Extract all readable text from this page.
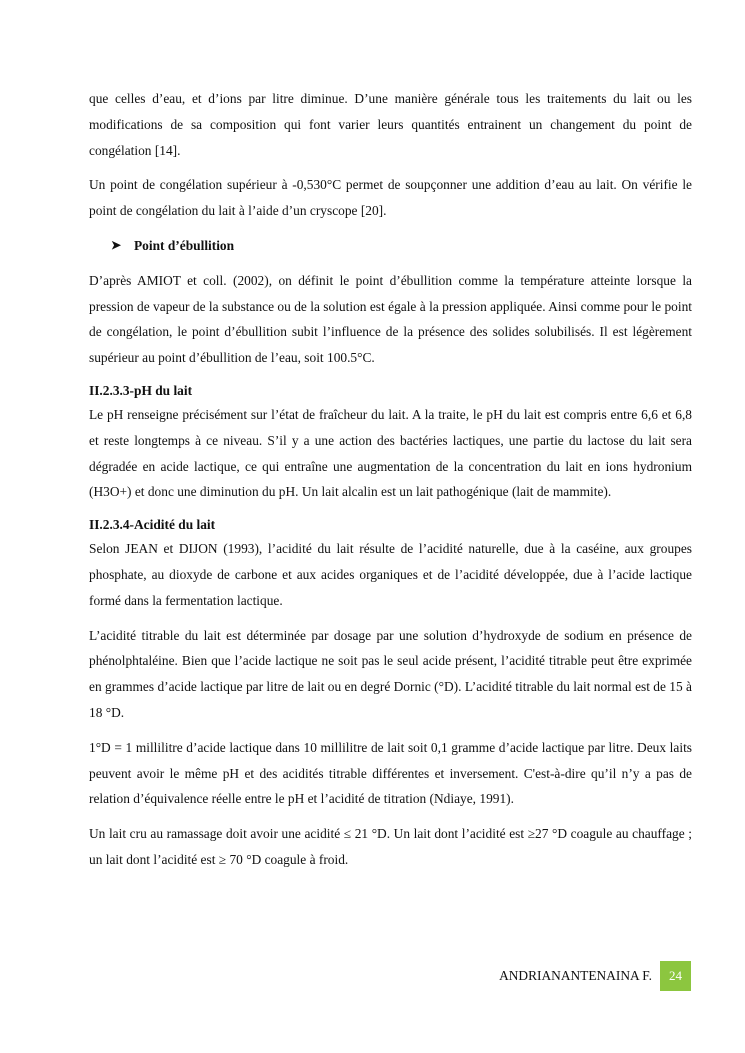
que celles d’eau, et d’ions par litre diminue. D’une manière générale tous les traitements du lait ou les modifications de sa composition qui font varier leurs quantités entrainent un changement du point de congélation [14].

Un point de congélation supérieur à -0,530°C permet de soupçonner une addition d’eau au lait. On vérifie le point de congélation du lait à l’aide d’un cryscope [20].

➤ Point d’ébullition

D’après AMIOT et coll. (2002), on définit le point d’ébullition comme la température atteinte lorsque la pression de vapeur de la substance ou de la solution est égale à la pression appliquée. Ainsi comme pour le point de congélation, le point d’ébullition subit l’influence de la présence des solides solubilisés. Il est légèrement supérieur au point d’ébullition de l’eau, soit 100.5°C.

II.2.3.3-pH du lait

Le pH renseigne précisément sur l’état de fraîcheur du lait. A la traite, le pH du lait est compris entre 6,6 et 6,8 et reste longtemps à ce niveau. S’il y a une action des bactéries lactiques, une partie du lactose du lait sera dégradée en acide lactique, ce qui entraîne une augmentation de la concentration du lait en ions hydronium (H3O+) et donc une diminution du pH. Un lait alcalin est un lait pathogénique (lait de mammite).

II.2.3.4-Acidité du lait

Selon JEAN et DIJON (1993), l’acidité du lait résulte de l’acidité naturelle, due à la caséine, aux groupes phosphate, au dioxyde de carbone et aux acides organiques et de l’acidité développée, due à l’acide lactique formé dans la fermentation lactique.

L’acidité titrable du lait est déterminée par dosage par une solution d’hydroxyde de sodium en présence de phénolphtaléine. Bien que l’acide lactique ne soit pas le seul acide présent, l’acidité titrable peut être exprimée en grammes d’acide lactique par litre de lait ou en degré Dornic (°D). L’acidité titrable du lait normal est de 15 à 18 °D.

1°D = 1 millilitre d’acide lactique dans 10 millilitre de lait soit 0,1 gramme d’acide lactique par litre. Deux laits peuvent avoir le même pH et des acidités titrable différentes et inversement. C'est-à-dire qu’il n’y a pas de relation d’équivalence réelle entre le pH et l’acidité de titration (Ndiaye, 1991).

Un lait cru au ramassage doit avoir une acidité ≤ 21 °D. Un lait dont l’acidité est ≥27 °D coagule au chauffage ; un lait dont l’acidité est ≥ 70 °D coagule à froid.

ANDRIANANTENAINA F.	24
